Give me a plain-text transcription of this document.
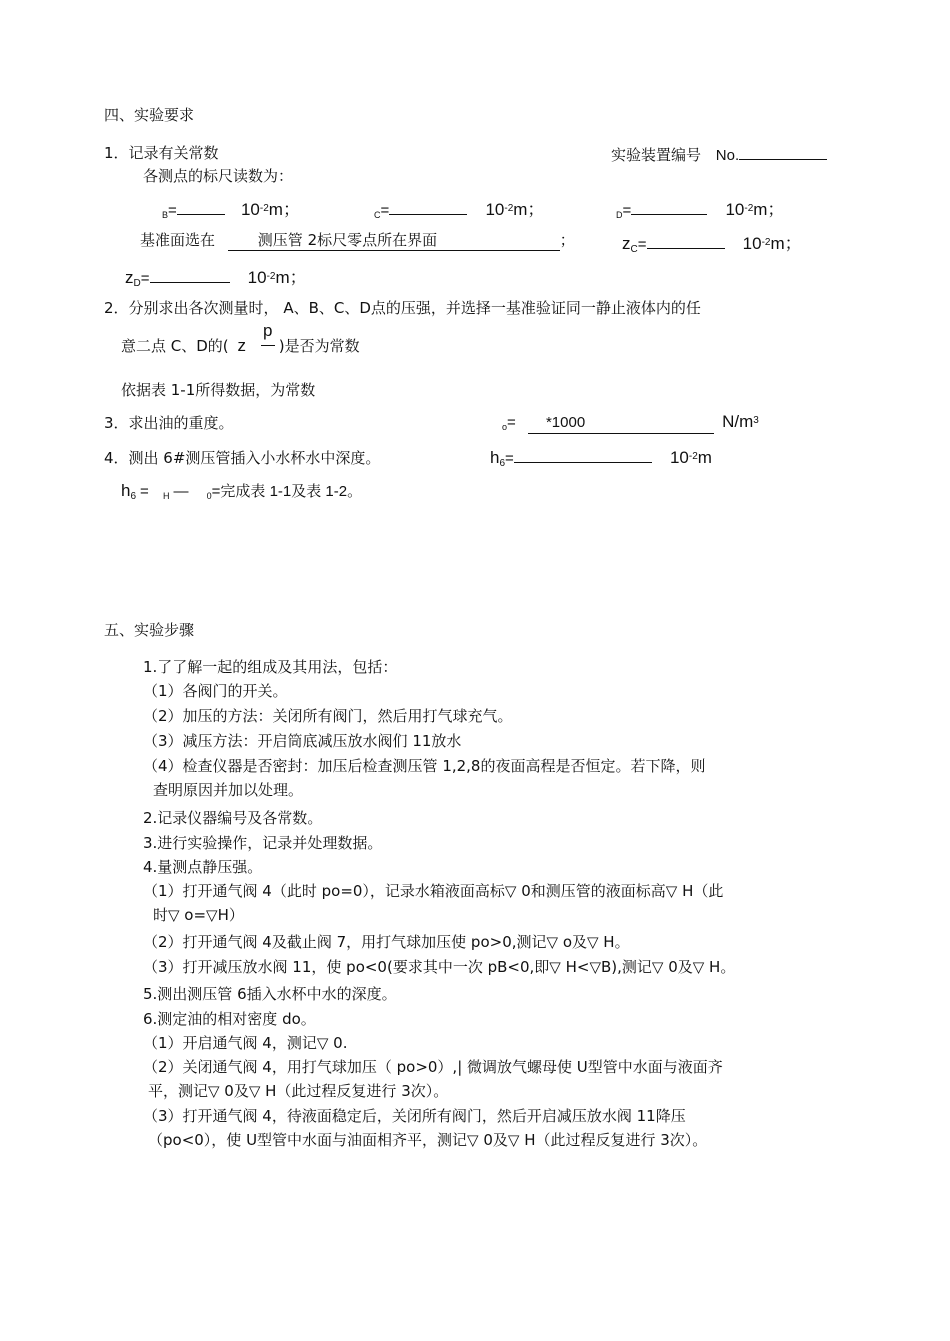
四、实验要求
1．记录有关常数	实验装置编号 No.
各测点的标尺读数为：
$_B$=	$10^{-2}m$；	$_C$=	$10^{-2}m$；	$_D$=	$10^{-2}m$；
基准面选在	测压管 2标尺零点所在界面	；	$z_C=$	$10^{-2}m$；
$z_D=$	$10^{-2}m$；
2．分别求出各次测量时， A、B、C、D点的压强，并选择一基准验证同一静止液体内的任
意二点 C、D的( z
p
)是否为常数
依据表 1-1所得数据，为常数
3．求出油的重度。	$_o$= *1000	$N/m^3$
4．测出 6#测压管插入小水杯水中深度。	$h_6=$	$10^{-2}m$
$h_6 = _H$ — $_0$=完成表 1-1及表 1-2。
五、实验步骤
1.了了解一起的组成及其用法，包括：
（1）各阀门的开关。
（2）加压的方法：关闭所有阀门，然后用打气球充气。
（3）减压方法：开启筒底减压放水阀们 11放水
（4）检查仪器是否密封：加压后检查测压管 1,2,8的夜面高程是否恒定。若下降，则
查明原因并加以处理。
2.记录仪器编号及各常数。
3.进行实验操作，记录并处理数据。
4.量测点静压强。
（1）打开通气阀 4（此时 po=0），记录水箱液面高标▽ 0和测压管的液面标高▽ H（此
时▽ o=▽H）
（2）打开通气阀 4及截止阀 7，用打气球加压使 po>0,测记▽ o及▽ H。
（3）打开减压放水阀 11，使 po<0(要求其中一次 pB<0,即▽ H<▽B),测记▽ 0及▽ H。
5.测出测压管 6插入水杯中水的深度。
6.测定油的相对密度 do。
（1）开启通气阀 4，测记▽ 0.
（2）关闭通气阀 4，用打气球加压（ po>0）,| 微调放气螺母使 U型管中水面与液面齐
平，测记▽ 0及▽ H（此过程反复进行 3次）。
（3）打开通气阀 4，待液面稳定后，关闭所有阀门，然后开启减压放水阀 11降压
（po<0），使 U型管中水面与油面相齐平，测记▽ 0及▽ H（此过程反复进行 3次）。
